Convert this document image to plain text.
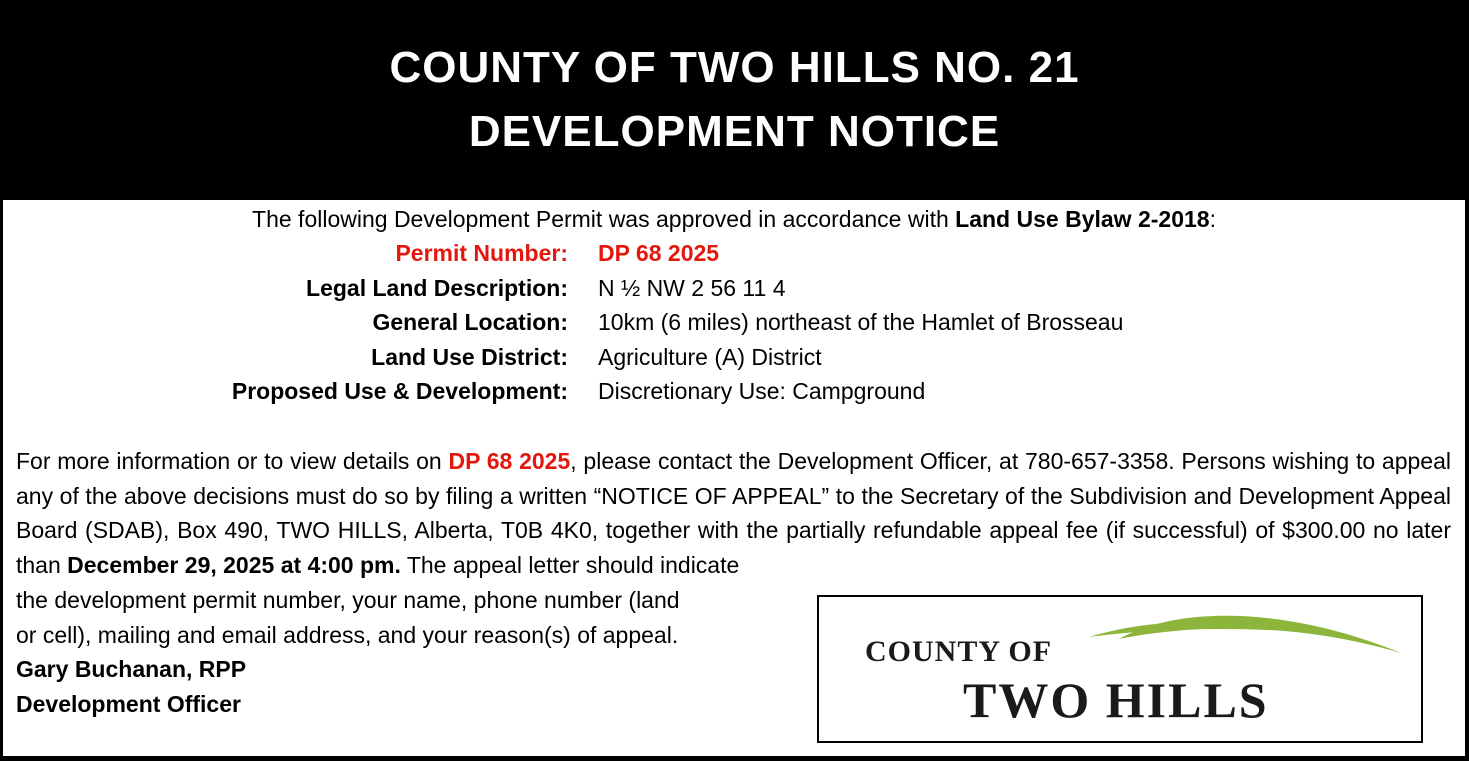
COUNTY OF TWO HILLS NO. 21
DEVELOPMENT NOTICE
The following Development Permit was approved in accordance with Land Use Bylaw 2-2018:
Permit Number: DP 68 2025
Legal Land Description: N ½ NW 2 56 11 4
General Location: 10km (6 miles) northeast of the Hamlet of Brosseau
Land Use District: Agriculture (A) District
Proposed Use & Development: Discretionary Use: Campground
For more information or to view details on DP 68 2025, please contact the Development Officer, at 780-657-3358. Persons wishing to appeal any of the above decisions must do so by filing a written “NOTICE OF APPEAL” to the Secretary of the Subdivision and Development Appeal Board (SDAB), Box 490, TWO HILLS, Alberta, T0B 4K0, together with the partially refundable appeal fee (if successful) of $300.00 no later than December 29, 2025 at 4:00 pm. The appeal letter should indicate
the development permit number, your name, phone number (land
or cell), mailing and email address, and your reason(s) of appeal.
Gary Buchanan, RPP
Development Officer
COUNTY OF
TWO HILLS
